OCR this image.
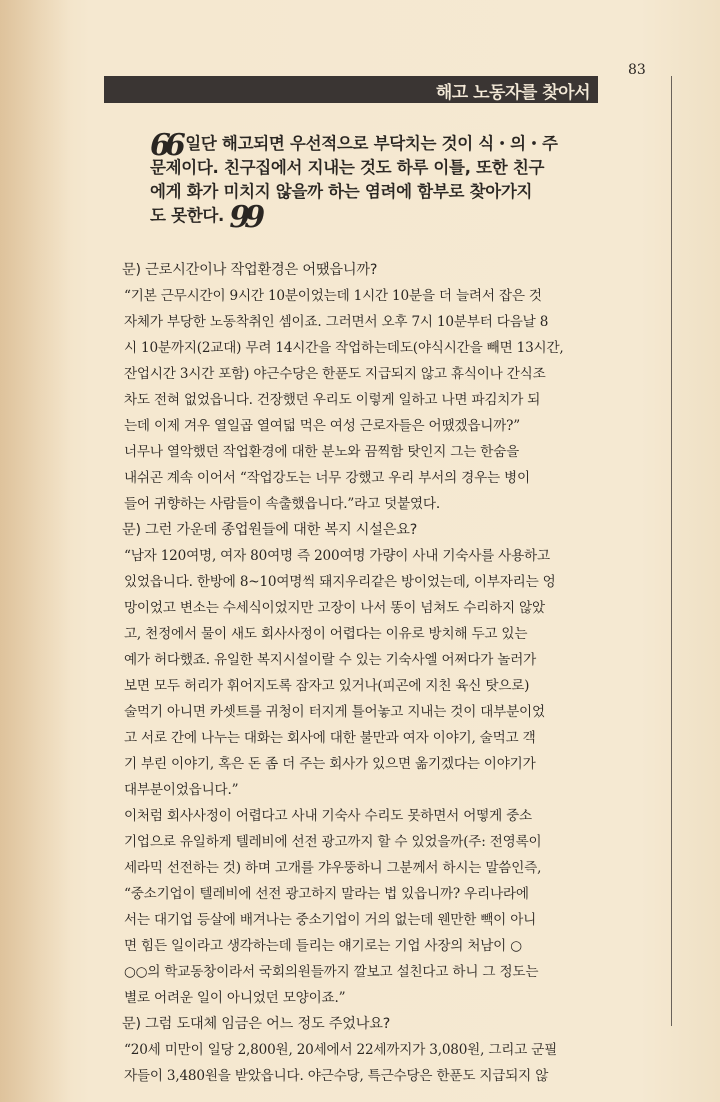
83
해고 노동자를 찾아서
66 일단 해고되면 우선적으로 부닥치는 것이 식・의・주
문제이다. 친구집에서 지내는 것도 하루 이틀, 또한 친구
에게 화가 미치지 않을까 하는 염려에 함부로 찾아가지
도 못한다. 99
문) 근로시간이나 작업환경은 어땠읍니까?
“기본 근무시간이 9시간 10분이었는데 1시간 10분을 더 늘려서 잡은 것
자체가 부당한 노동착취인 셈이죠. 그러면서 오후 7시 10분부터 다음날 8
시 10분까지(2교대) 무려 14시간을 작업하는데도(야식시간을 빼면 13시간,
잔업시간 3시간 포함) 야근수당은 한푼도 지급되지 않고 휴식이나 간식조
차도 전혀 없었읍니다. 건장했던 우리도 이렇게 일하고 나면 파김치가 되
는데 이제 겨우 열일곱 열여덟 먹은 여성 근로자들은 어땠겠읍니까?”
너무나 열악했던 작업환경에 대한 분노와 끔찍함 탓인지 그는 한숨을
내쉬곤 계속 이어서 “작업강도는 너무 강했고 우리 부서의 경우는 병이
들어 귀향하는 사람들이 속출했읍니다.”라고 덧붙였다.
문) 그런 가운데 종업원들에 대한 복지 시설은요?
“남자 120여명, 여자 80여명 즉 200여명 가량이 사내 기숙사를 사용하고
있었읍니다. 한방에 8~10여명씩 돼지우리같은 방이었는데, 이부자리는 엉
망이었고 변소는 수세식이었지만 고장이 나서 똥이 넘쳐도 수리하지 않았
고, 천정에서 물이 새도 회사사정이 어렵다는 이유로 방치해 두고 있는
예가 허다했죠. 유일한 복지시설이랄 수 있는 기숙사엘 어쩌다가 놀러가
보면 모두 허리가 휘어지도록 잠자고 있거나(피곤에 지친 육신 탓으로)
술먹기 아니면 카셋트를 귀청이 터지게 틀어놓고 지내는 것이 대부분이었
고 서로 간에 나누는 대화는 회사에 대한 불만과 여자 이야기, 술먹고 객
기 부린 이야기, 혹은 돈 좀 더 주는 회사가 있으면 옮기겠다는 이야기가
대부분이었읍니다.”
이처럼 회사사정이 어렵다고 사내 기숙사 수리도 못하면서 어떻게 중소
기업으로 유일하게 텔레비에 선전 광고까지 할 수 있었을까(주: 전영록이
세라믹 선전하는 것) 하며 고개를 갸우뚱하니 그분께서 하시는 말씀인즉,
“중소기업이 텔레비에 선전 광고하지 말라는 법 있읍니까? 우리나라에
서는 대기업 등살에 배겨나는 중소기업이 거의 없는데 웬만한 빽이 아니
면 힘든 일이라고 생각하는데 들리는 얘기로는 기업 사장의 처남이 ○
○○의 학교동창이라서 국회의원들까지 깔보고 설친다고 하니 그 정도는
별로 어려운 일이 아니었던 모양이죠.”
문) 그럼 도대체 임금은 어느 정도 주었나요?
“20세 미만이 일당 2,800원, 20세에서 22세까지가 3,080원, 그리고 군필
자들이 3,480원을 받았읍니다. 야근수당, 특근수당은 한푼도 지급되지 않
